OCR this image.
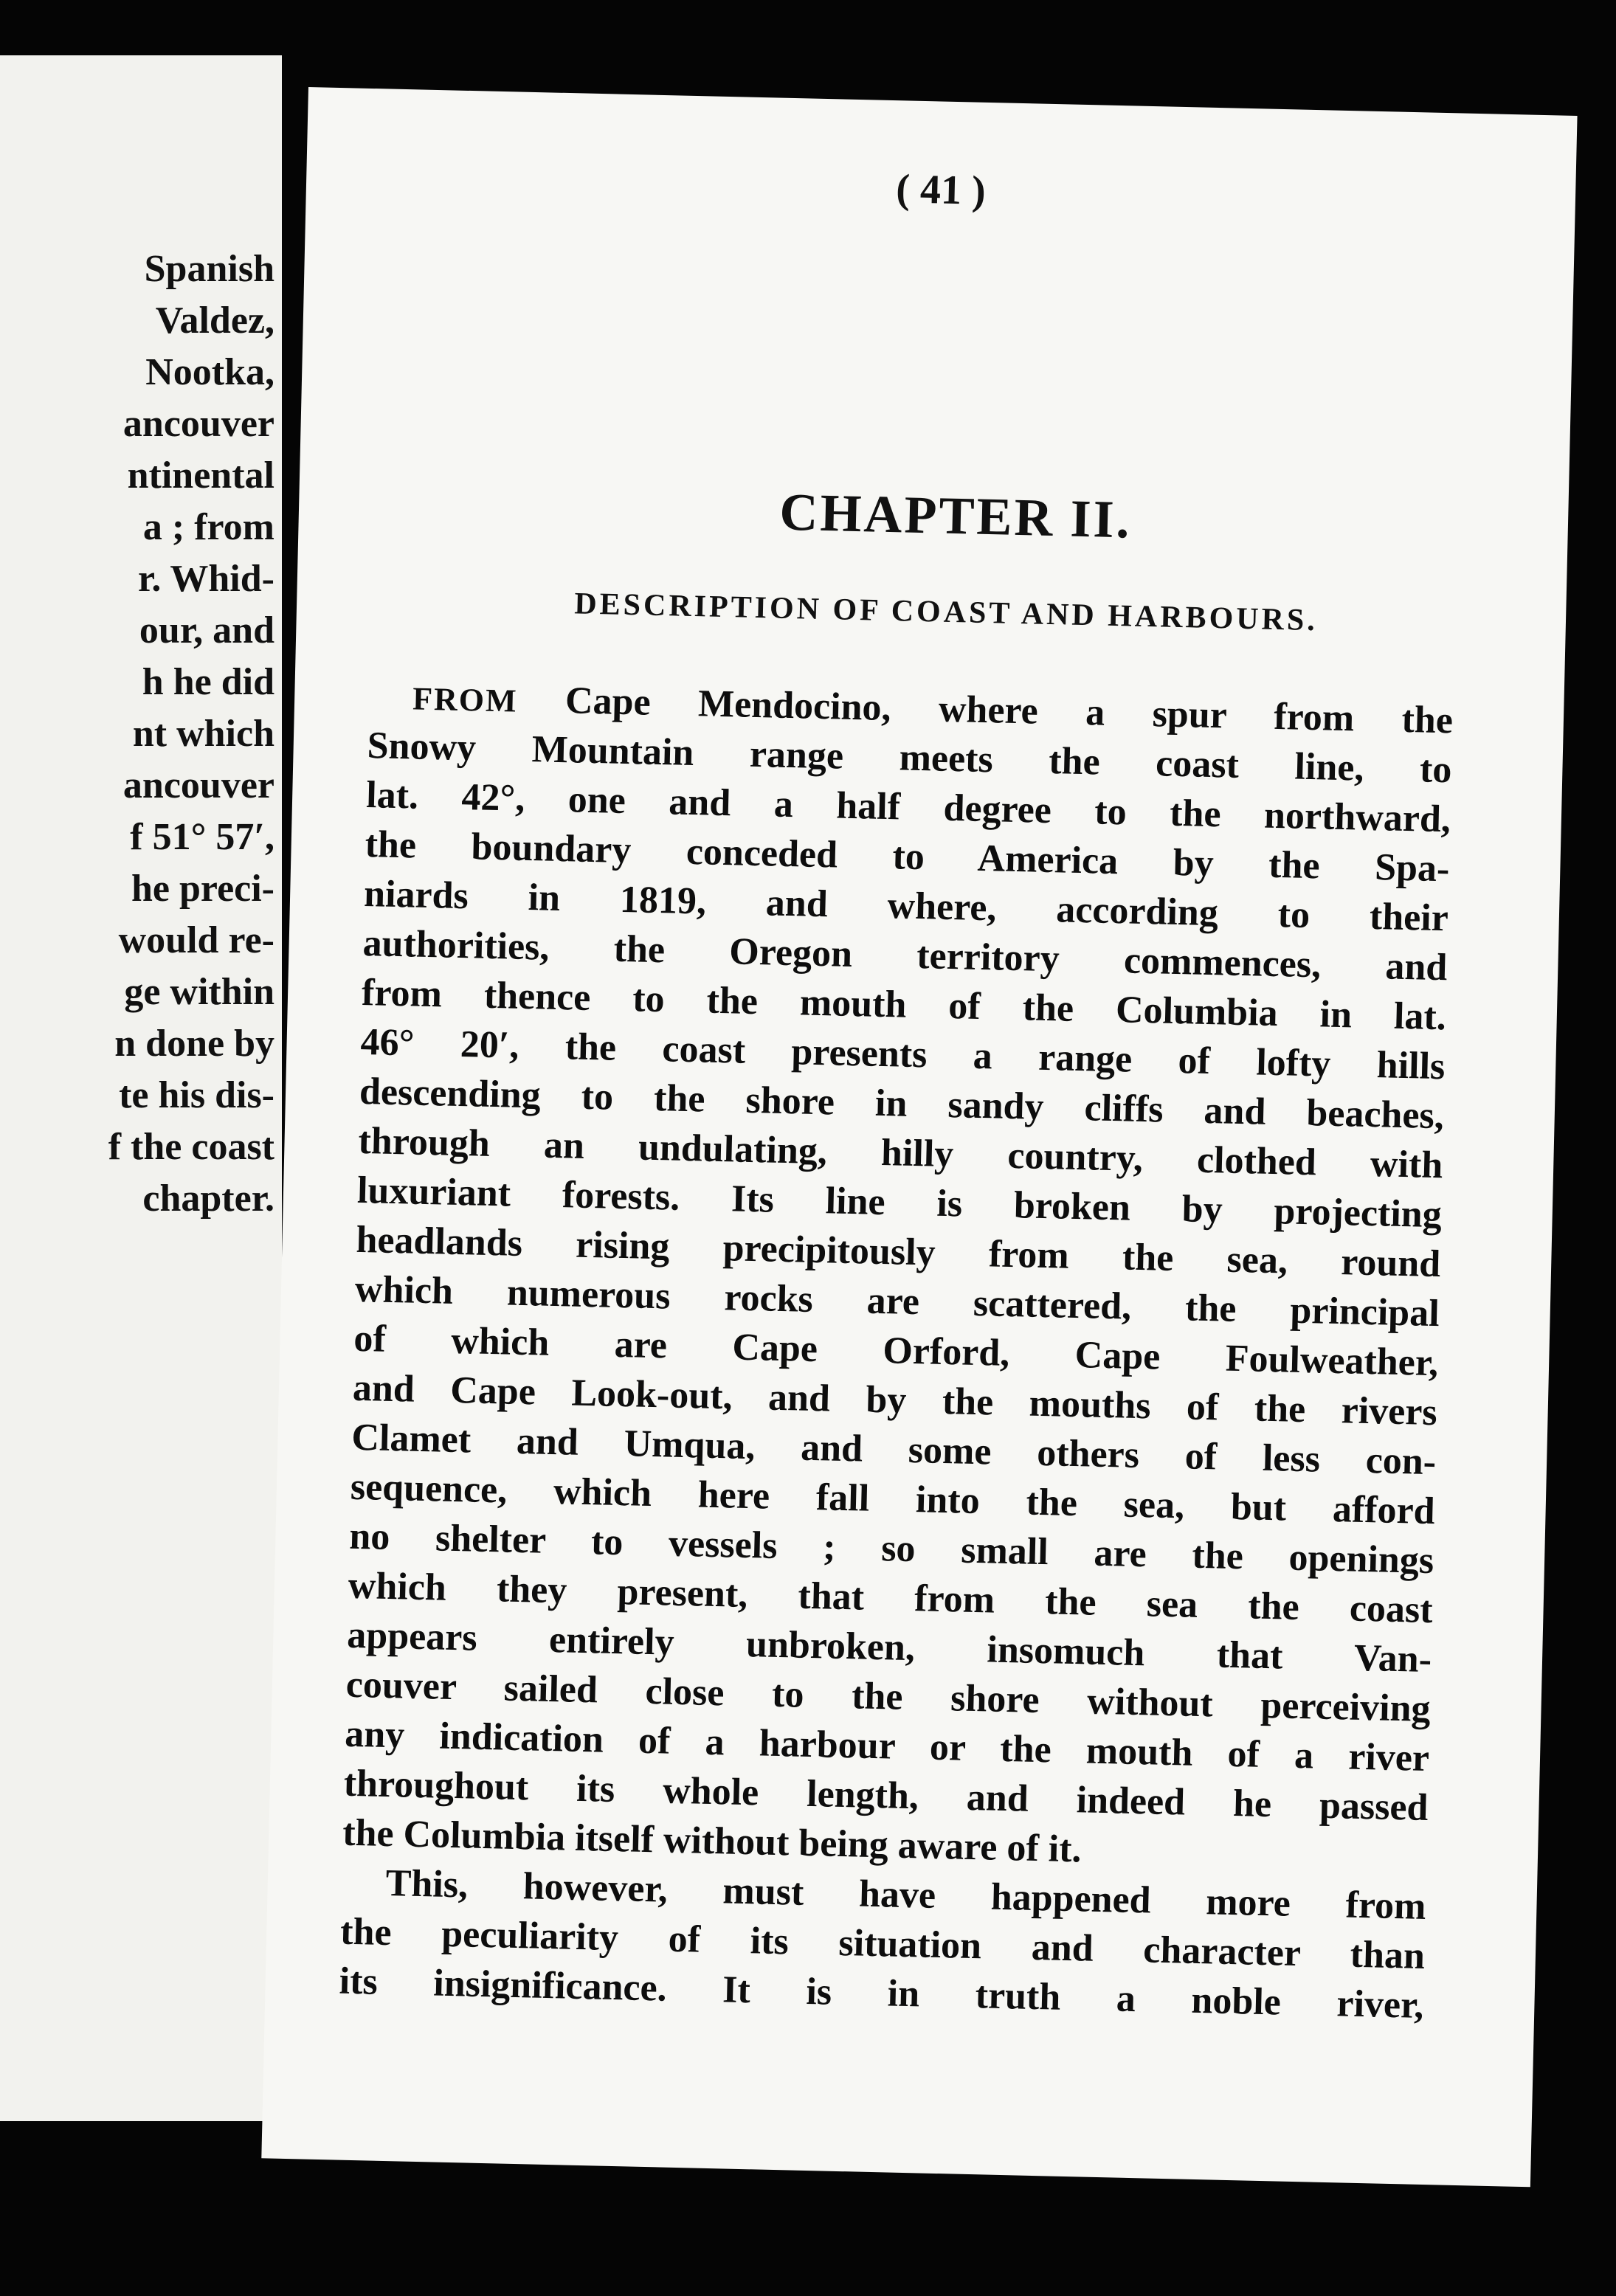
Spanish
Valdez,
Nootka,
ancouver
ntinental
a ; from
r. Whid-
our, and
h he did
nt which
ancouver
f 51° 57′,
he preci-
would re-
ge within
n done by
te his dis-
f the coast
chapter.
( 41 )
CHAPTER II.
DESCRIPTION OF COAST AND HARBOURS.
FROM Cape Mendocino, where a spur from the
Snowy Mountain range meets the coast line, to
lat. 42°, one and a half degree to the northward,
the boundary conceded to America by the Spa-
niards in 1819, and where, according to their
authorities, the Oregon territory commences, and
from thence to the mouth of the Columbia in lat.
46° 20′, the coast presents a range of lofty hills
descending to the shore in sandy cliffs and beaches,
through an undulating, hilly country, clothed with
luxuriant forests. Its line is broken by projecting
headlands rising precipitously from the sea, round
which numerous rocks are scattered, the principal
of which are Cape Orford, Cape Foulweather,
and Cape Look-out, and by the mouths of the rivers
Clamet and Umqua, and some others of less con-
sequence, which here fall into the sea, but afford
no shelter to vessels ; so small are the openings
which they present, that from the sea the coast
appears entirely unbroken, insomuch that Van-
couver sailed close to the shore without perceiving
any indication of a harbour or the mouth of a river
throughout its whole length, and indeed he passed
the Columbia itself without being aware of it.
This, however, must have happened more from
the peculiarity of its situation and character than
its insignificance. It is in truth a noble river,
